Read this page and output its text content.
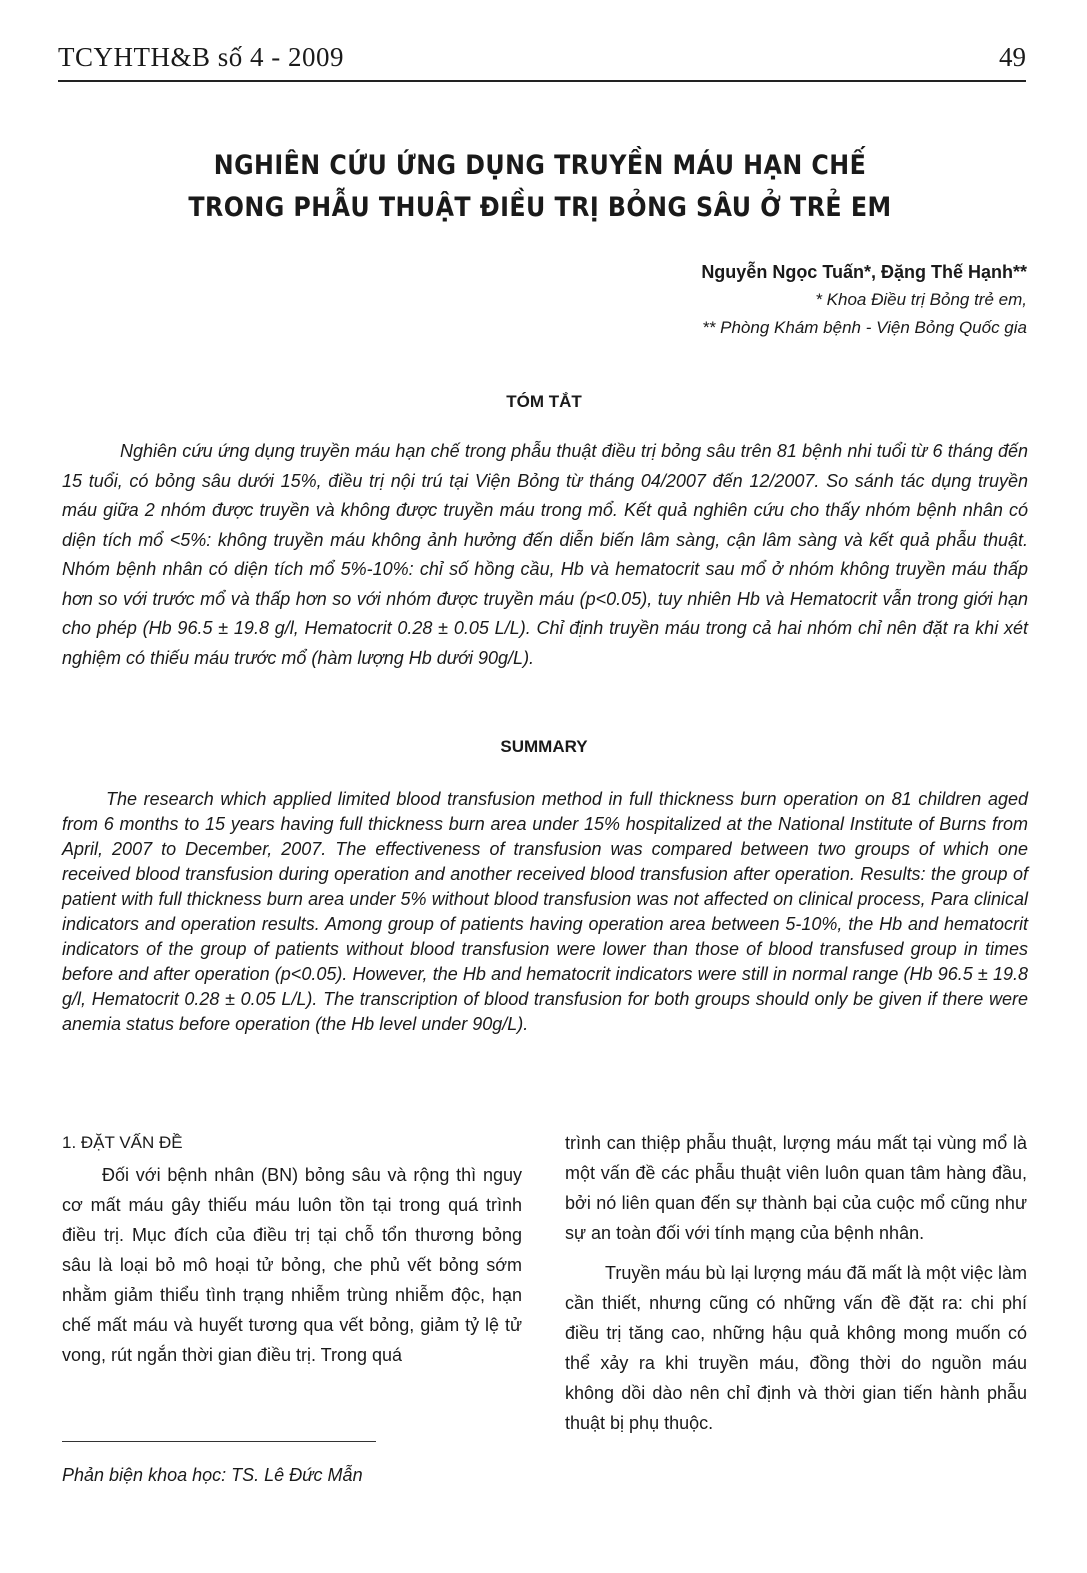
TCYHTH&B số 4 - 2009	49
NGHIÊN CỨU ỨNG DỤNG TRUYỀN MÁU HẠN CHẾ
TRONG PHẪU THUẬT ĐIỀU TRỊ BỎNG SÂU Ở TRẺ EM
Nguyễn Ngọc Tuấn*, Đặng Thế Hạnh**
* Khoa Điều trị Bỏng trẻ em,
** Phòng Khám bệnh - Viện Bỏng Quốc gia
TÓM TẮT

Nghiên cứu ứng dụng truyền máu hạn chế trong phẫu thuật điều trị bỏng sâu trên 81 bệnh nhi tuổi từ 6 tháng đến 15 tuổi, có bỏng sâu dưới 15%, điều trị nội trú tại Viện Bỏng từ tháng 04/2007 đến 12/2007. So sánh tác dụng truyền máu giữa 2 nhóm được truyền và không được truyền máu trong mổ. Kết quả nghiên cứu cho thấy nhóm bệnh nhân có diện tích mổ <5%: không truyền máu không ảnh hưởng đến diễn biến lâm sàng, cận lâm sàng và kết quả phẫu thuật. Nhóm bệnh nhân có diện tích mổ 5%-10%: chỉ số hồng cầu, Hb và hematocrit sau mổ ở nhóm không truyền máu thấp hơn so với trước mổ và thấp hơn so với nhóm được truyền máu (p<0.05), tuy nhiên Hb và Hematocrit vẫn trong giới hạn cho phép (Hb 96.5 ± 19.8 g/l, Hematocrit 0.28 ± 0.05 L/L). Chỉ định truyền máu trong cả hai nhóm chỉ nên đặt ra khi xét nghiệm có thiếu máu trước mổ (hàm lượng Hb dưới 90g/L).

SUMMARY

The research which applied limited blood transfusion method in full thickness burn operation on 81 children aged from 6 months to 15 years having full thickness burn area under 15% hospitalized at the National Institute of Burns from April, 2007 to December, 2007. The effectiveness of transfusion was compared between two groups of which one received blood transfusion during operation and another received blood transfusion after operation. Results: the group of patient with full thickness burn area under 5% without blood transfusion was not affected on clinical process, Para clinical indicators and operation results. Among group of patients having operation area between 5-10%, the Hb and hematocrit indicators of the group of patients without blood transfusion were lower than those of blood transfused group in times before and after operation (p<0.05). However, the Hb and hematocrit indicators were still in normal range (Hb 96.5 ± 19.8 g/l, Hematocrit 0.28 ± 0.05 L/L). The transcription of blood transfusion for both groups should only be given if there were anemia status before operation (the Hb level under 90g/L).

1. ĐẶT VẤN ĐỀ

Đối với bệnh nhân (BN) bỏng sâu và rộng thì nguy cơ mất máu gây thiếu máu luôn tồn tại trong quá trình điều trị. Mục đích của điều trị tại chỗ tổn thương bỏng sâu là loại bỏ mô hoại tử bỏng, che phủ vết bỏng sớm nhằm giảm thiểu tình trạng nhiễm trùng nhiễm độc, hạn chế mất máu và huyết tương qua vết bỏng, giảm tỷ lệ tử vong, rút ngắn thời gian điều trị. Trong quá

trình can thiệp phẫu thuật, lượng máu mất tại vùng mổ là một vấn đề các phẫu thuật viên luôn quan tâm hàng đầu, bởi nó liên quan đến sự thành bại của cuộc mổ cũng như sự an toàn đối với tính mạng của bệnh nhân.

Truyền máu bù lại lượng máu đã mất là một việc làm cần thiết, nhưng cũng có những vấn đề đặt ra: chi phí điều trị tăng cao, những hậu quả không mong muốn có thể xảy ra khi truyền máu, đồng thời do nguồn máu không dồi dào nên chỉ định và thời gian tiến hành phẫu thuật bị phụ thuộc.

Phản biện khoa học: TS. Lê Đức Mẫn
